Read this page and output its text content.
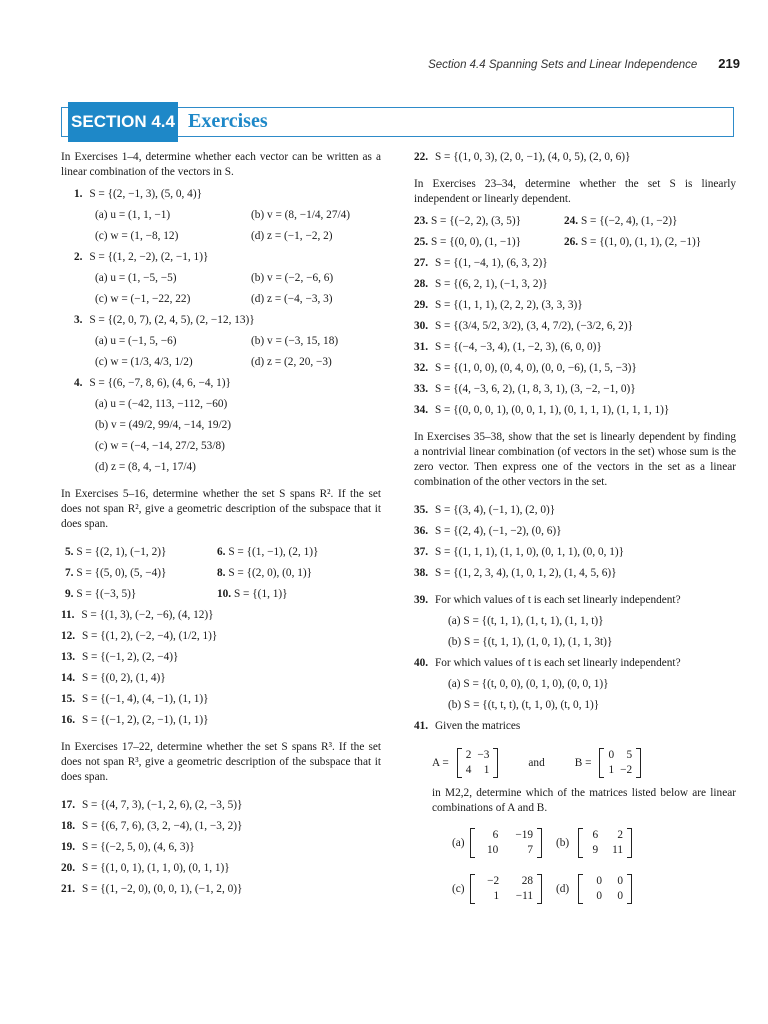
Section 4.4 Spanning Sets and Linear Independence 219
SECTION 4.4 Exercises

In Exercises 1–4, determine whether each vector can be written as a linear combination of the vectors in S.

1. S = {(2, −1, 3), (5, 0, 4)}
(a) u = (1, 1, −1)	(b) v = (8, −1/4, 27/4)
(c) w = (1, −8, 12)	(d) z = (−1, −2, 2)
2. S = {(1, 2, −2), (2, −1, 1)}
(a) u = (1, −5, −5)	(b) v = (−2, −6, 6)
(c) w = (−1, −22, 22)	(d) z = (−4, −3, 3)
3. S = {(2, 0, 7), (2, 4, 5), (2, −12, 13)}
(a) u = (−1, 5, −6)	(b) v = (−3, 15, 18)
(c) w = (1/3, 4/3, 1/2)	(d) z = (2, 20, −3)
4. S = {(6, −7, 8, 6), (4, 6, −4, 1)}
(a) u = (−42, 113, −112, −60)
(b) v = (49/2, 99/4, −14, 19/2)
(c) w = (−4, −14, 27/2, 53/8)
(d) z = (8, 4, −1, 17/4)

In Exercises 5–16, determine whether the set S spans R². If the set does not span R², give a geometric description of the subspace that it does span.

5. S = {(2, 1), (−1, 2)}	6. S = {(1, −1), (2, 1)}
7. S = {(5, 0), (5, −4)}	8. S = {(2, 0), (0, 1)}
9. S = {(−3, 5)}	10. S = {(1, 1)}
11. S = {(1, 3), (−2, −6), (4, 12)}
12. S = {(1, 2), (−2, −4), (1/2, 1)}
13. S = {(−1, 2), (2, −4)}
14. S = {(0, 2), (1, 4)}
15. S = {(−1, 4), (4, −1), (1, 1)}
16. S = {(−1, 2), (2, −1), (1, 1)}

In Exercises 17–22, determine whether the set S spans R³. If the set does not span R³, give a geometric description of the subspace that it does span.

17. S = {(4, 7, 3), (−1, 2, 6), (2, −3, 5)}
18. S = {(6, 7, 6), (3, 2, −4), (1, −3, 2)}
19. S = {(−2, 5, 0), (4, 6, 3)}
20. S = {(1, 0, 1), (1, 1, 0), (0, 1, 1)}
21. S = {(1, −2, 0), (0, 0, 1), (−1, 2, 0)}
22. S = {(1, 0, 3), (2, 0, −1), (4, 0, 5), (2, 0, 6)}

In Exercises 23–34, determine whether the set S is linearly independent or linearly dependent.

23. S = {(−2, 2), (3, 5)}	24. S = {(−2, 4), (1, −2)}
25. S = {(0, 0), (1, −1)}	26. S = {(1, 0), (1, 1), (2, −1)}
27. S = {(1, −4, 1), (6, 3, 2)}
28. S = {(6, 2, 1), (−1, 3, 2)}
29. S = {(1, 1, 1), (2, 2, 2), (3, 3, 3)}
30. S = {(3/4, 5/2, 3/2), (3, 4, 7/2), (−3/2, 6, 2)}
31. S = {(−4, −3, 4), (1, −2, 3), (6, 0, 0)}
32. S = {(1, 0, 0), (0, 4, 0), (0, 0, −6), (1, 5, −3)}
33. S = {(4, −3, 6, 2), (1, 8, 3, 1), (3, −2, −1, 0)}
34. S = {(0, 0, 0, 1), (0, 0, 1, 1), (0, 1, 1, 1), (1, 1, 1, 1)}

In Exercises 35–38, show that the set is linearly dependent by finding a nontrivial linear combination (of vectors in the set) whose sum is the zero vector. Then express one of the vectors in the set as a linear combination of the other vectors in the set.

35. S = {(3, 4), (−1, 1), (2, 0)}
36. S = {(2, 4), (−1, −2), (0, 6)}
37. S = {(1, 1, 1), (1, 1, 0), (0, 1, 1), (0, 0, 1)}
38. S = {(1, 2, 3, 4), (1, 0, 1, 2), (1, 4, 5, 6)}
39. For which values of t is each set linearly independent?
(a) S = {(t, 1, 1), (1, t, 1), (1, 1, t)}
(b) S = {(t, 1, 1), (1, 0, 1), (1, 1, 3t)}
40. For which values of t is each set linearly independent?
(a) S = {(t, 0, 0), (0, 1, 0), (0, 0, 1)}
(b) S = {(t, t, t), (t, 1, 0), (t, 0, 1)}
41. Given the matrices
A =
2	−3
4	1
and	B =
0	5
1	−2

in M2,2, determine which of the matrices listed below are linear combinations of A and B.

(a)
6	−19
10	7
(b)
6	2
9	11
(c)
−2	28
1	−11
(d)
0	0
0	0
